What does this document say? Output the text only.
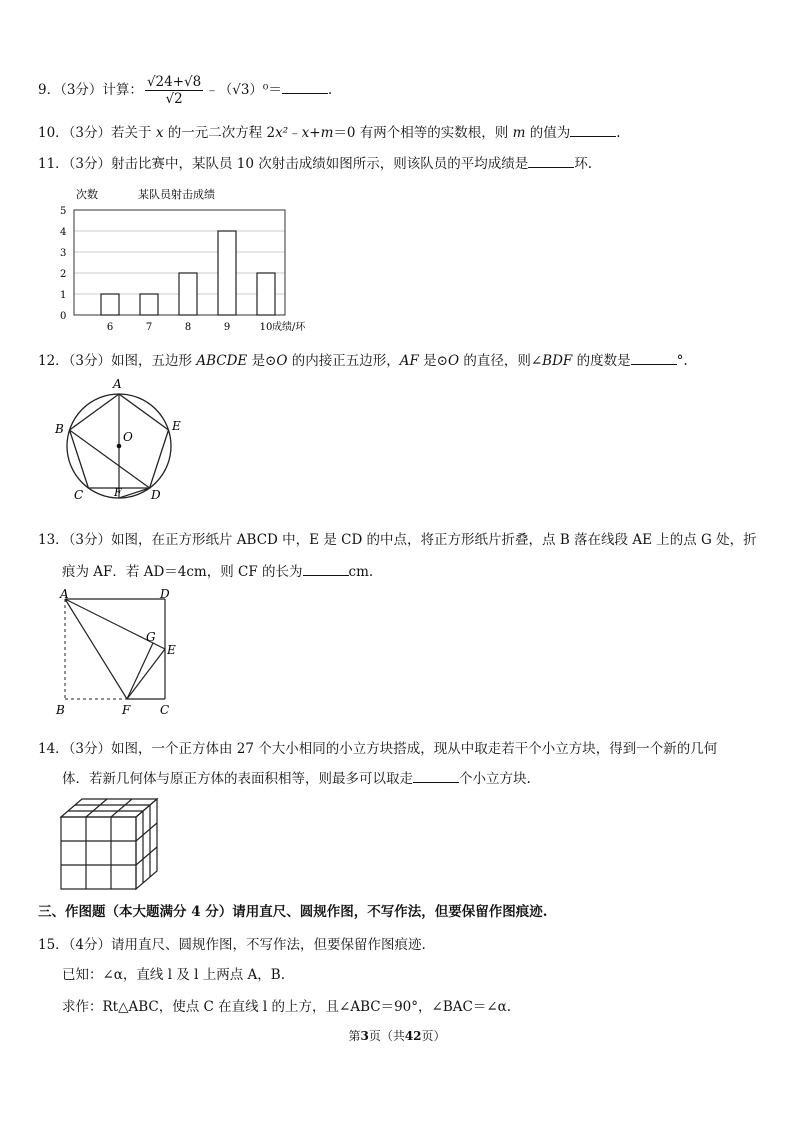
9．（3分）计算： $\frac{√24+√8}{√2}$ ﹣（√3）⁰＝	.
10．（3分）若关于 x 的一元二次方程 2x²﹣x+m＝0 有两个相等的实数根，则 m 的值为	.
11．（3分）射击比赛中，某队员 10 次射击成绩如图所示，则该队员的平均成绩是	环.
次数	某队员射击成绩
成绩/环
0
1
2
3
4
5
6	7	8	9	10
12．（3分）如图，五边形 ABCDE 是⊙O 的内接正五边形，AF 是⊙O 的直径，则∠BDF 的度数是	°.
A
B
C	D
E
F
O
13．（3分）如图，在正方形纸片 ABCD 中，E 是 CD 的中点，将正方形纸片折叠，点 B 落在线段 AE 上的点 G 处，折
痕为 AF．若 AD＝4cm，则 CF 的长为	cm.
A	D
G
E
B	F C
14．（3分）如图，一个正方体由 27 个大小相同的小立方块搭成，现从中取走若干个小立方块，得到一个新的几何
体．若新几何体与原正方体的表面积相等，则最多可以取走	个小立方块.
三、作图题（本大题满分 4 分）请用直尺、圆规作图，不写作法，但要保留作图痕迹.
15．（4分）请用直尺、圆规作图，不写作法，但要保留作图痕迹.
已知：∠α，直线 l 及 l 上两点 A，B.
求作：Rt△ABC，使点 C 在直线 l 的上方，且∠ABC＝90°，∠BAC＝∠α.
第3页（共42页）
